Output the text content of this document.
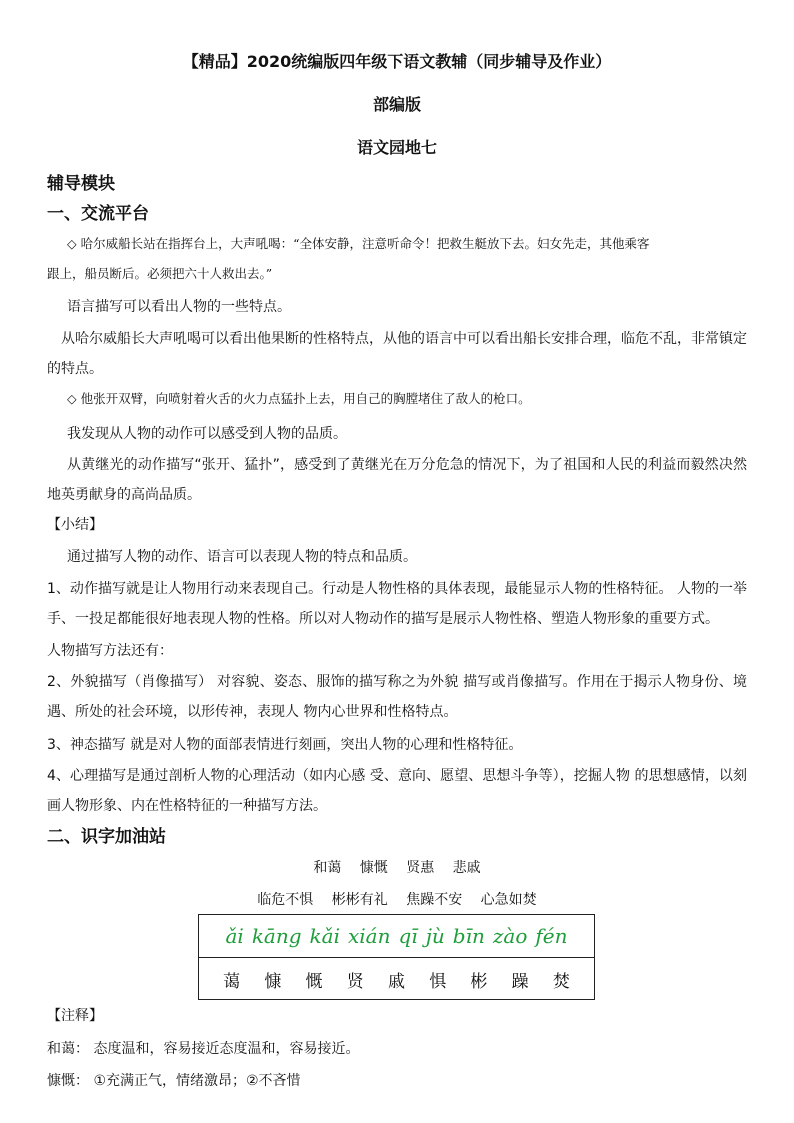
【精品】2020统编版四年级下语文教辅（同步辅导及作业）
部编版
语文园地七
辅导模块
一、交流平台
◇ 哈尔威船长站在指挥台上，大声吼喝：“全体安静，注意听命令！把救生艇放下去。妇女先走，其他乘客
跟上，船员断后。必须把六十人救出去。”
语言描写可以看出人物的一些特点。
从哈尔威船长大声吼喝可以看出他果断的性格特点，从他的语言中可以看出船长安排合理，临危不乱，非常镇定的特点。
◇ 他张开双臂，向喷射着火舌的火力点猛扑上去，用自己的胸膛堵住了敌人的枪口。
我发现从人物的动作可以感受到人物的品质。
从黄继光的动作描写“张开、猛扑”，感受到了黄继光在万分危急的情况下，为了祖国和人民的利益而毅然决然地英勇献身的高尚品质。
【小结】
通过描写人物的动作、语言可以表现人物的特点和品质。
1、动作描写就是让人物用行动来表现自己。行动是人物性格的具体表现，最能显示人物的性格特征。 人物的一举手、一投足都能很好地表现人物的性格。所以对人物动作的描写是展示人物性格、塑造人物形象的重要方式。
人物描写方法还有：
2、外貌描写（肖像描写） 对容貌、姿态、服饰的描写称之为外貌 描写或肖像描写。作用在于揭示人物身份、境遇、所处的社会环境，以形传神，表现人 物内心世界和性格特点。
3、神态描写 就是对人物的面部表情进行刻画，突出人物的心理和性格特征。
4、心理描写是通过剖析人物的心理活动（如内心感 受、意向、愿望、思想斗争等），挖掘人物 的思想感情，以刻画人物形象、内在性格特征的一种描写方法。
二、识字加油站
和蔼 慷慨 贤惠 悲戚
临危不惧 彬彬有礼 焦躁不安 心急如焚
ǎi kāng kǎi xián qī jù bīn zào fén
蔼 慷 慨 贤 戚 惧 彬 躁 焚
【注释】
和蔼： 态度温和，容易接近态度温和，容易接近。
慷慨： ①充满正气，情绪激昂；②不吝惜
